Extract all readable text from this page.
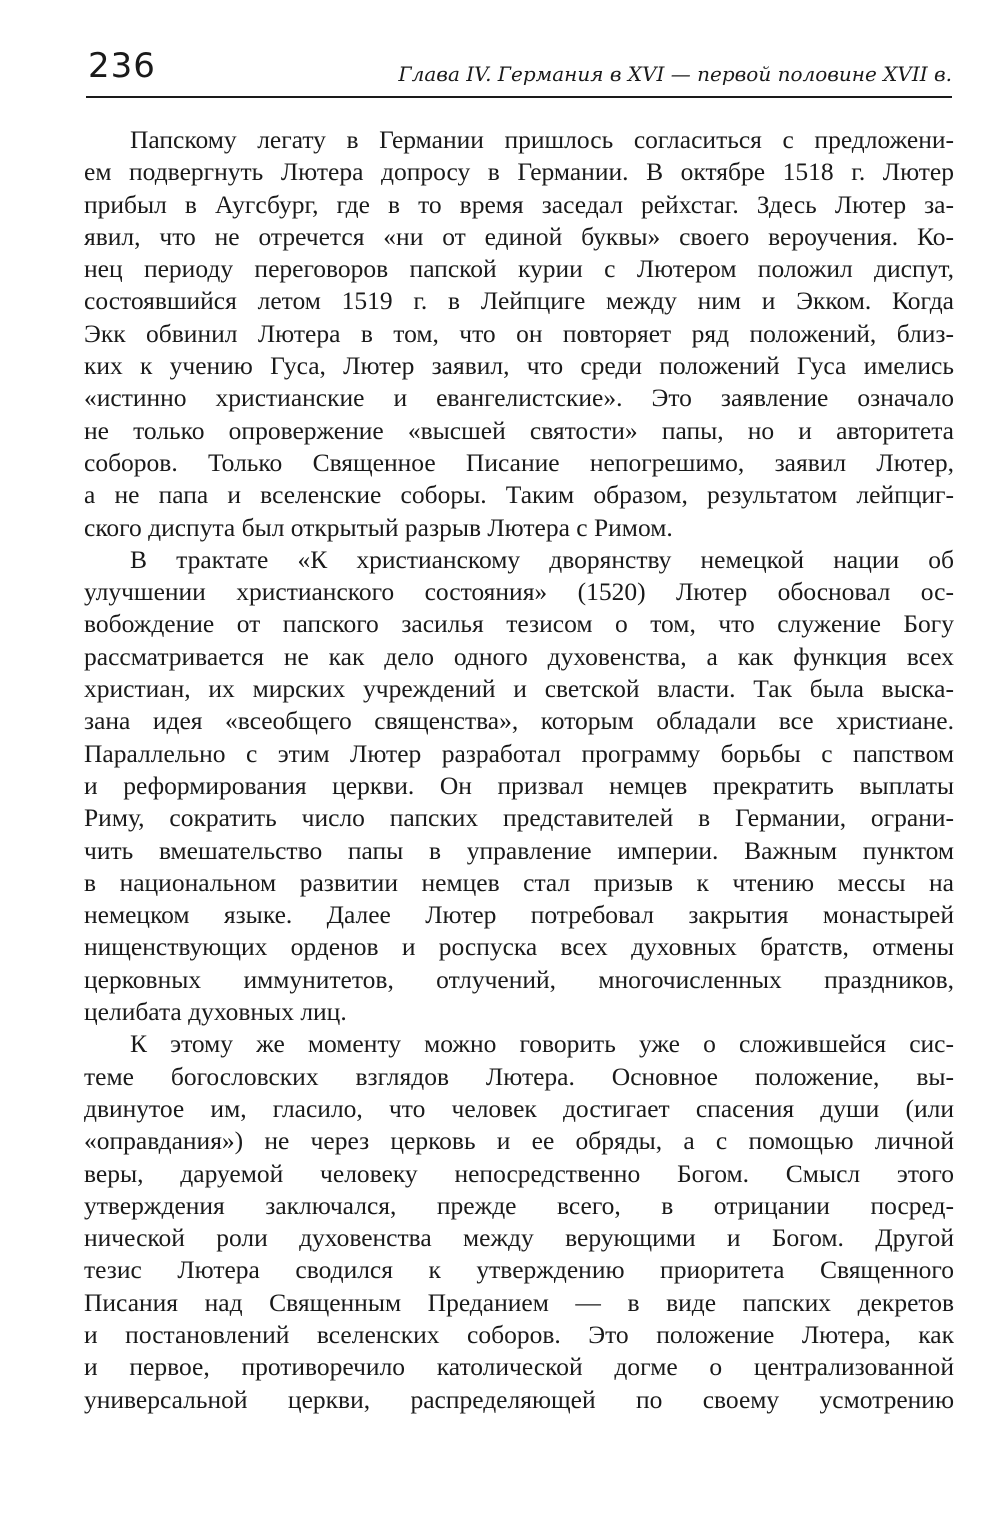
236	Глава IV. Германия в XVI — первой половине XVII в.
Папскому легату в Германии пришлось согласиться с предложени-
ем подвергнуть Лютера допросу в Германии. В октябре 1518 г. Лютер
прибыл в Аугсбург, где в то время заседал рейхстаг. Здесь Лютер за-
явил, что не отречется «ни от единой буквы» своего вероучения. Ко-
нец периоду переговоров папской курии с Лютером положил диспут,
состоявшийся летом 1519 г. в Лейпциге между ним и Экком. Когда
Экк обвинил Лютера в том, что он повторяет ряд положений, близ-
ких к учению Гуса, Лютер заявил, что среди положений Гуса имелись
«истинно христианские и евангелистские». Это заявление означало
не только опровержение «высшей святости» папы, но и авторитета
соборов. Только Священное Писание непогрешимо, заявил Лютер,
а не папа и вселенские соборы. Таким образом, результатом лейпциг-
ского диспута был открытый разрыв Лютера с Римом.
В трактате «К христианскому дворянству немецкой нации об
улучшении христианского состояния» (1520) Лютер обосновал ос-
вобождение от папского засилья тезисом о том, что служение Богу
рассматривается не как дело одного духовенства, а как функция всех
христиан, их мирских учреждений и светской власти. Так была выска-
зана идея «всеобщего священства», которым обладали все христиане.
Параллельно с этим Лютер разработал программу борьбы с папством
и реформирования церкви. Он призвал немцев прекратить выплаты
Риму, сократить число папских представителей в Германии, ограни-
чить вмешательство папы в управление империи. Важным пунктом
в национальном развитии немцев стал призыв к чтению мессы на
немецком языке. Далее Лютер потребовал закрытия монастырей
нищенствующих орденов и роспуска всех духовных братств, отмены
церковных иммунитетов, отлучений, многочисленных праздников,
целибата духовных лиц.
К этому же моменту можно говорить уже о сложившейся сис-
теме богословских взглядов Лютера. Основное положение, вы-
двинутое им, гласило, что человек достигает спасения души (или
«оправдания») не через церковь и ее обряды, а с помощью личной
веры, даруемой человеку непосредственно Богом. Смысл этого
утверждения заключался, прежде всего, в отрицании посред-
нической роли духовенства между верующими и Богом. Другой
тезис Лютера сводился к утверждению приоритета Священного
Писания над Священным Преданием — в виде папских декретов
и постановлений вселенских соборов. Это положение Лютера, как
и первое, противоречило католической догме о централизованной
универсальной церкви, распределяющей по своему усмотрению
